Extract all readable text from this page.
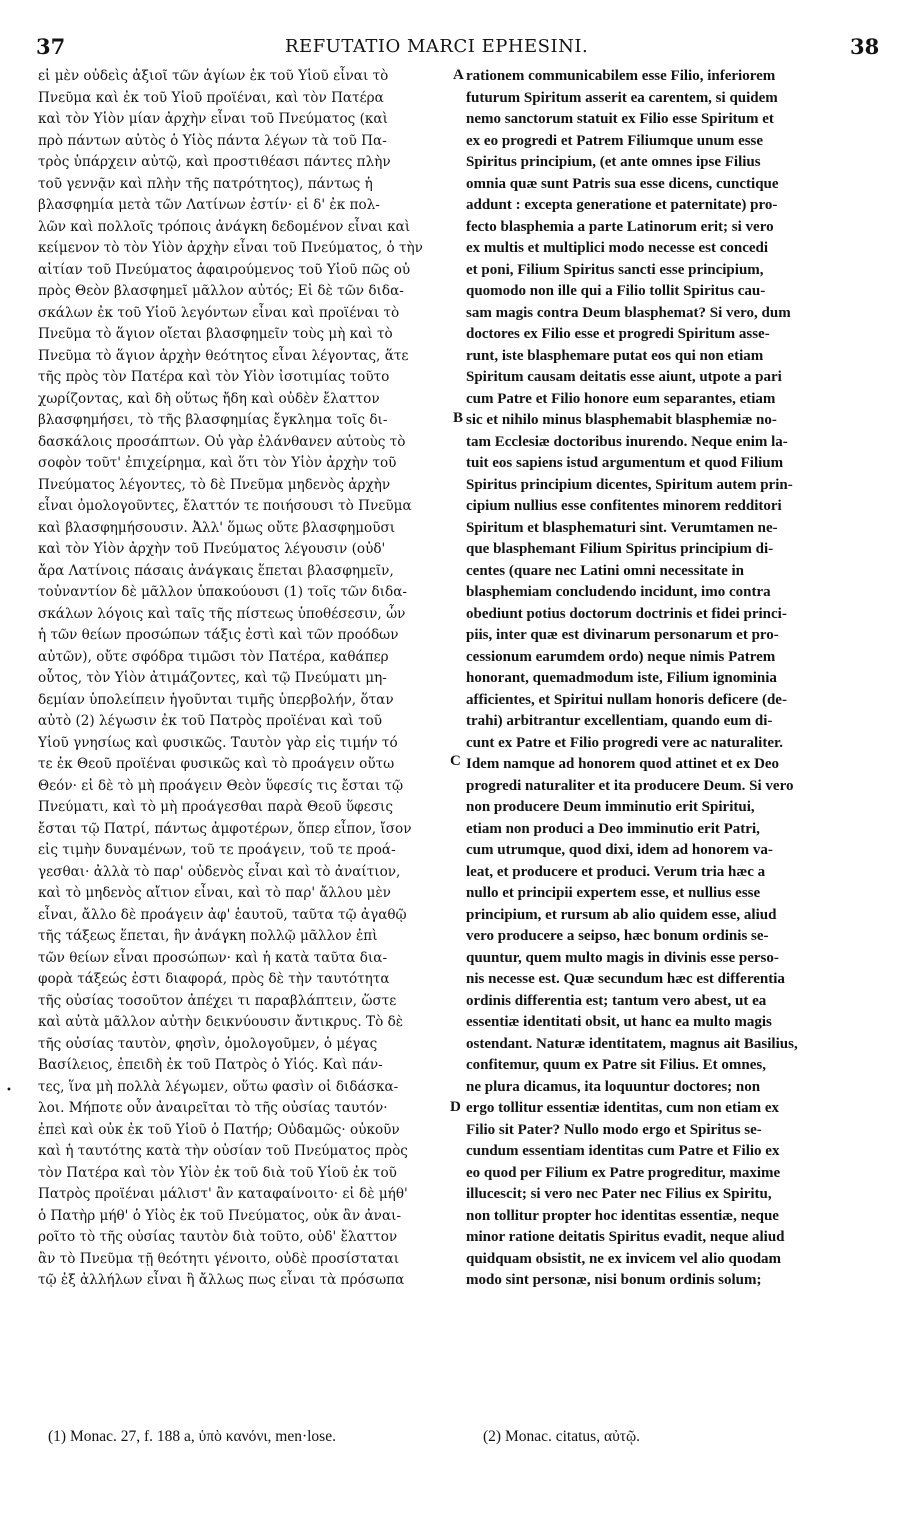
37	REFUTATIO MARCI EPHESINI.	38
εἰ μὲν οὐδεὶς ἀξιοῖ τῶν ἁγίων ἐκ τοῦ Υἱοῦ εἶναι τὸ
Πνεῦμα καὶ ἐκ τοῦ Υἱοῦ προϊέναι, καὶ τὸν Πατέρα
καὶ τὸν Υἱὸν μίαν ἀρχὴν εἶναι τοῦ Πνεύματος (καὶ
πρὸ πάντων αὐτὸς ὁ Υἱὸς πάντα λέγων τὰ τοῦ Πα-
τρὸς ὑπάρχειν αὐτῷ, καὶ προστιθέασι πάντες πλὴν
τοῦ γεννᾷν καὶ πλὴν τῆς πατρότητος), πάντως ἡ
βλασφημία μετὰ τῶν Λατίνων ἐστίν· εἰ δ' ἐκ πολ-
λῶν καὶ πολλοῖς τρόποις ἀνάγκη δεδομένον εἶναι καὶ
κείμενον τὸ τὸν Υἱὸν ἀρχὴν εἶναι τοῦ Πνεύματος, ὁ τὴν
αἰτίαν τοῦ Πνεύματος ἀφαιρούμενος τοῦ Υἱοῦ πῶς οὐ
πρὸς Θεὸν βλασφημεῖ μᾶλλον αὐτός; Εἰ δὲ τῶν διδα-
σκάλων ἐκ τοῦ Υἱοῦ λεγόντων εἶναι καὶ προϊέναι τὸ
Πνεῦμα τὸ ἅγιον οἴεται βλασφημεῖν τοὺς μὴ καὶ τὸ
Πνεῦμα τὸ ἅγιον ἀρχὴν θεότητος εἶναι λέγοντας, ἅτε
τῆς πρὸς τὸν Πατέρα καὶ τὸν Υἱὸν ἰσοτιμίας τοῦτο
χωρίζοντας, καὶ δὴ οὕτως ἤδη καὶ οὐδὲν ἔλαττον
βλασφημήσει, τὸ τῆς βλασφημίας ἔγκλημα τοῖς δι-
δασκάλοις προσάπτων. Οὐ γὰρ ἐλάνθανεν αὐτοὺς τὸ
σοφὸν τοῦτ' ἐπιχείρημα, καὶ ὅτι τὸν Υἱὸν ἀρχὴν τοῦ
Πνεύματος λέγοντες, τὸ δὲ Πνεῦμα μηδενὸς ἀρχὴν
εἶναι ὁμολογοῦντες, ἔλαττόν τε ποιήσουσι τὸ Πνεῦμα
καὶ βλασφημήσουσιν. Ἀλλ' ὅμως οὔτε βλασφημοῦσι
καὶ τὸν Υἱὸν ἀρχὴν τοῦ Πνεύματος λέγουσιν (οὐδ'
ἄρα Λατίνοις πάσαις ἀνάγκαις ἕπεται βλασφημεῖν,
τοὐναντίον δὲ μᾶλλον ὑπακούουσι (1) τοῖς τῶν διδα-
σκάλων λόγοις καὶ ταῖς τῆς πίστεως ὑποθέσεσιν, ὧν
ἡ τῶν θείων προσώπων τάξις ἐστὶ καὶ τῶν προόδων
αὐτῶν), οὔτε σφόδρα τιμῶσι τὸν Πατέρα, καθάπερ
οὗτος, τὸν Υἱὸν ἀτιμάζοντες, καὶ τῷ Πνεύματι μη-
δεμίαν ὑπολείπειν ἡγοῦνται τιμῆς ὑπερβολήν, ὅταν
αὐτὸ (2) λέγωσιν ἐκ τοῦ Πατρὸς προϊέναι καὶ τοῦ
Υἱοῦ γνησίως καὶ φυσικῶς. Ταυτὸν γὰρ εἰς τιμήν τό
τε ἐκ Θεοῦ προϊέναι φυσικῶς καὶ τὸ προάγειν οὕτω
Θεόν· εἰ δὲ τὸ μὴ προάγειν Θεὸν ὕφεσίς τις ἔσται τῷ
Πνεύματι, καὶ τὸ μὴ προάγεσθαι παρὰ Θεοῦ ὕφεσις
ἔσται τῷ Πατρί, πάντως ἀμφοτέρων, ὅπερ εἶπον, ἴσον
εἰς τιμὴν δυναμένων, τοῦ τε προάγειν, τοῦ τε προά-
γεσθαι· ἀλλὰ τὸ παρ' οὐδενὸς εἶναι καὶ τὸ ἀναίτιον,
καὶ τὸ μηδενὸς αἴτιον εἶναι, καὶ τὸ παρ' ἄλλου μὲν
εἶναι, ἄλλο δὲ προάγειν ἀφ' ἑαυτοῦ, ταῦτα τῷ ἀγαθῷ
τῆς τάξεως ἕπεται, ἣν ἀνάγκη πολλῷ μᾶλλον ἐπὶ
τῶν θείων εἶναι προσώπων· καὶ ἡ κατὰ ταῦτα δια-
φορὰ τάξεώς ἐστι διαφορά, πρὸς δὲ τὴν ταυτότητα
τῆς οὐσίας τοσοῦτον ἀπέχει τι παραβλάπτειν, ὥστε
καὶ αὐτὰ μᾶλλον αὐτὴν δεικνύουσιν ἄντικρυς. Τὸ δὲ
τῆς οὐσίας ταυτὸν, φησὶν, ὁμολογοῦμεν, ὁ μέγας
Βασίλειος, ἐπειδὴ ἐκ τοῦ Πατρὸς ὁ Υἱός. Καὶ πάν-
τες, ἵνα μὴ πολλὰ λέγωμεν, οὕτω φασὶν οἱ διδάσκα-
λοι. Μήποτε οὖν ἀναιρεῖται τὸ τῆς οὐσίας ταυτόν·
ἐπεὶ καὶ οὐκ ἐκ τοῦ Υἱοῦ ὁ Πατήρ; Οὐδαμῶς· οὐκοῦν
καὶ ἡ ταυτότης κατὰ τὴν οὐσίαν τοῦ Πνεύματος πρὸς
τὸν Πατέρα καὶ τὸν Υἱὸν ἐκ τοῦ διὰ τοῦ Υἱοῦ ἐκ τοῦ
Πατρὸς προϊέναι μάλιστ' ἂν καταφαίνοιτο· εἰ δὲ μήθ'
ὁ Πατὴρ μήθ' ὁ Υἱὸς ἐκ τοῦ Πνεύματος, οὐκ ἂν ἀναι-
ροῖτο τὸ τῆς οὐσίας ταυτὸν διὰ τοῦτο, οὐδ' ἔλαττον
ἂν τὸ Πνεῦμα τῇ θεότητι γένοιτο, οὐδὲ προσίσταται
τῷ ἐξ ἀλλήλων εἶναι ἢ ἄλλως πως εἶναι τὰ πρόσωπα
rationem communicabilem esse Filio, inferiorem
futurum Spiritum asserit ea carentem, si quidem
nemo sanctorum statuit ex Filio esse Spiritum et
ex eo progredi et Patrem Filiumque unum esse
Spiritus principium, (et ante omnes ipse Filius
omnia quæ sunt Patris sua esse dicens, cunctique
addunt : excepta generatione et paternitate) pro-
fecto blasphemia a parte Latinorum erit; si vero
ex multis et multiplici modo necesse est concedi
et poni, Filium Spiritus sancti esse principium,
quomodo non ille qui a Filio tollit Spiritus cau-
sam magis contra Deum blasphemat? Si vero, dum
doctores ex Filio esse et progredi Spiritum asse-
runt, iste blasphemare putat eos qui non etiam
Spiritum causam deitatis esse aiunt, utpote a pari
cum Patre et Filio honore eum separantes, etiam
sic et nihilo minus blasphemabit blasphemiæ no-
tam Ecclesiæ doctoribus inurendo. Neque enim la-
tuit eos sapiens istud argumentum et quod Filium
Spiritus principium dicentes, Spiritum autem prin-
cipium nullius esse confitentes minorem redditori
Spiritum et blasphematuri sint. Verumtamen ne-
que blasphemant Filium Spiritus principium di-
centes (quare nec Latini omni necessitate in
blasphemiam concludendo incidunt, imo contra
obediunt potius doctorum doctrinis et fidei princi-
piis, inter quæ est divinarum personarum et pro-
cessionum earumdem ordo) neque nimis Patrem
honorant, quemadmodum iste, Filium ignominia
afficientes, et Spiritui nullam honoris deficere (de-
trahi) arbitrantur excellentiam, quando eum di-
cunt ex Patre et Filio progredi vere ac naturaliter.
Idem namque ad honorem quod attinet et ex Deo
progredi naturaliter et ita producere Deum. Si vero
non producere Deum imminutio erit Spiritui,
etiam non produci a Deo imminutio erit Patri,
cum utrumque, quod dixi, idem ad honorem va-
leat, et producere et produci. Verum tria hæc a
nullo et principii expertem esse, et nullius esse
principium, et rursum ab alio quidem esse, aliud
vero producere a seipso, hæc bonum ordinis se-
quuntur, quem multo magis in divinis esse perso-
nis necesse est. Quæ secundum hæc est differentia
ordinis differentia est; tantum vero abest, ut ea
essentiæ identitati obsit, ut hanc ea multo magis
ostendant. Naturæ identitatem, magnus ait Basilius,
confitemur, quum ex Patre sit Filius. Et omnes,
ne plura dicamus, ita loquuntur doctores; non
ergo tollitur essentiæ identitas, cum non etiam ex
Filio sit Pater? Nullo modo ergo et Spiritus se-
cundum essentiam identitas cum Patre et Filio ex
eo quod per Filium ex Patre progreditur, maxime
illucescit; si vero nec Pater nec Filius ex Spiritu,
non tollitur propter hoc identitas essentiæ, neque
minor ratione deitatis Spiritus evadit, neque aliud
quidquam obsistit, ne ex invicem vel alio quodam
modo sint personæ, nisi bonum ordinis solum;
A
B
C
D
•
(1) Monac. 27, f. 188 a, ὑπὸ κανόνι, men·lose.	(2) Monac. citatus, αὐτῷ.
